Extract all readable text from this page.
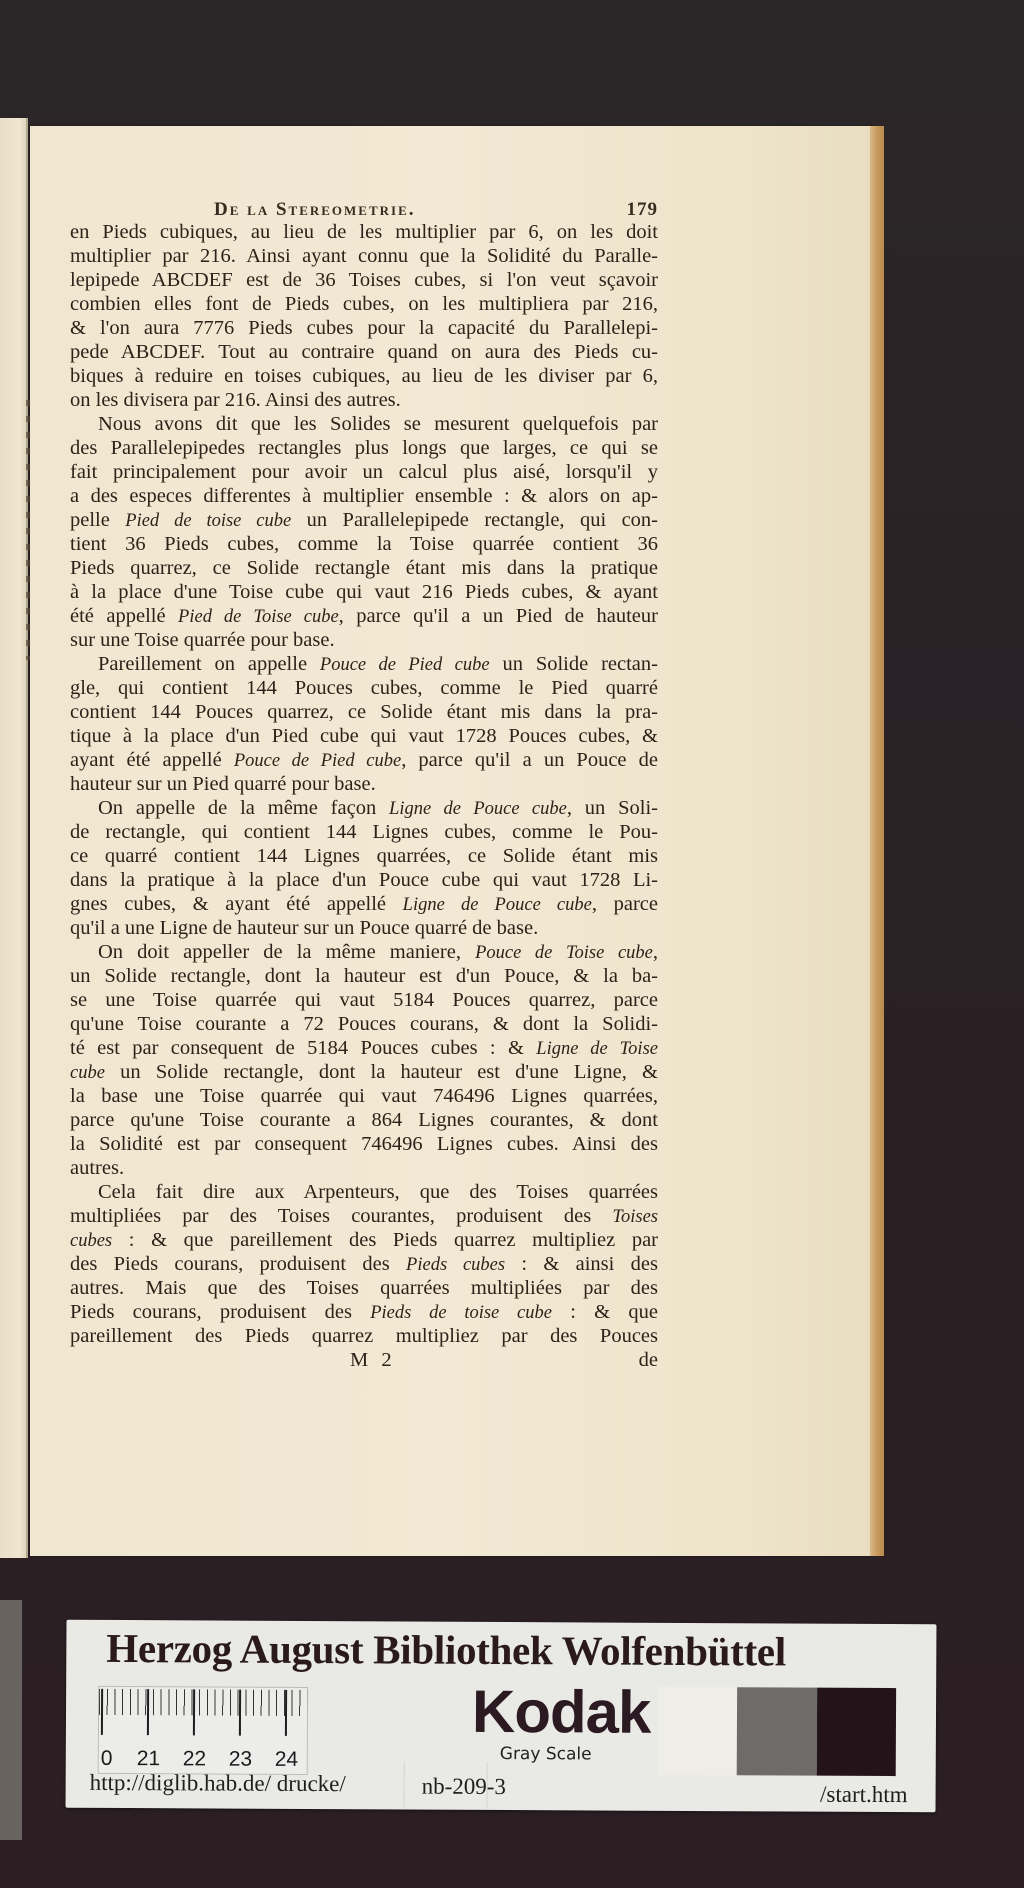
De la Stereometrie.	179
en Pieds cubiques, au lieu de les multiplier par 6, on les doit
multiplier par 216. Ainsi ayant connu que la Solidité du Paralle-
lepipede ABCDEF est de 36 Toises cubes, si l'on veut sçavoir
combien elles font de Pieds cubes, on les multipliera par 216,
& l'on aura 7776 Pieds cubes pour la capacité du Parallelepi-
pede ABCDEF. Tout au contraire quand on aura des Pieds cu-
biques à reduire en toises cubiques, au lieu de les diviser par 6,
on les divisera par 216. Ainsi des autres.
Nous avons dit que les Solides se mesurent quelquefois par
des Parallelepipedes rectangles plus longs que larges, ce qui se
fait principalement pour avoir un calcul plus aisé, lorsqu'il y
a des especes differentes à multiplier ensemble : & alors on ap-
pelle Pied de toise cube un Parallelepipede rectangle, qui con-
tient 36 Pieds cubes, comme la Toise quarrée contient 36
Pieds quarrez, ce Solide rectangle étant mis dans la pratique
à la place d'une Toise cube qui vaut 216 Pieds cubes, & ayant
été appellé Pied de Toise cube, parce qu'il a un Pied de hauteur
sur une Toise quarrée pour base.
Pareillement on appelle Pouce de Pied cube un Solide rectan-
gle, qui contient 144 Pouces cubes, comme le Pied quarré
contient 144 Pouces quarrez, ce Solide étant mis dans la pra-
tique à la place d'un Pied cube qui vaut 1728 Pouces cubes, &
ayant été appellé Pouce de Pied cube, parce qu'il a un Pouce de
hauteur sur un Pied quarré pour base.
On appelle de la même façon Ligne de Pouce cube, un Soli-
de rectangle, qui contient 144 Lignes cubes, comme le Pou-
ce quarré contient 144 Lignes quarrées, ce Solide étant mis
dans la pratique à la place d'un Pouce cube qui vaut 1728 Li-
gnes cubes, & ayant été appellé Ligne de Pouce cube, parce
qu'il a une Ligne de hauteur sur un Pouce quarré de base.
On doit appeller de la même maniere, Pouce de Toise cube,
un Solide rectangle, dont la hauteur est d'un Pouce, & la ba-
se une Toise quarrée qui vaut 5184 Pouces quarrez, parce
qu'une Toise courante a 72 Pouces courans, & dont la Solidi-
té est par consequent de 5184 Pouces cubes : & Ligne de Toise
cube un Solide rectangle, dont la hauteur est d'une Ligne, &
la base une Toise quarrée qui vaut 746496 Lignes quarrées,
parce qu'une Toise courante a 864 Lignes courantes, & dont
la Solidité est par consequent 746496 Lignes cubes. Ainsi des
autres.
Cela fait dire aux Arpenteurs, que des Toises quarrées
multipliées par des Toises courantes, produisent des Toises
cubes : & que pareillement des Pieds quarrez multipliez par
des Pieds courans, produisent des Pieds cubes : & ainsi des
autres. Mais que des Toises quarrées multipliées par des
Pieds courans, produisent des Pieds de toise cube : & que
pareillement des Pieds quarrez multipliez par des Pouces
M 2	de
Herzog August Bibliothek Wolfenbüttel
0 21 22 23 24
Kodak
Gray Scale
http://diglib.hab.de/ drucke/	nb-209-3	/start.htm
